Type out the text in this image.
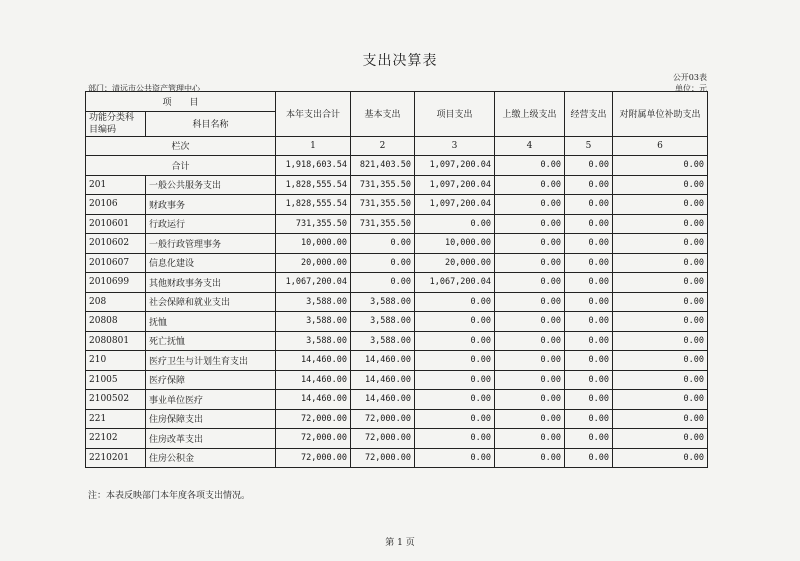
支出决算表
公开03表
部门：清远市公共资产管理中心	单位：元
项　　目		本年支出合计	基本支出	项目支出	上缴上级支出	经营支出	对附属单位补助支出
功能分类科目编码	科目名称						
栏次		1	2	3	4	5	6
合计		1,918,603.54	821,403.50	1,097,200.04	0.00	0.00	0.00
201	一般公共服务支出	1,828,555.54	731,355.50	1,097,200.04	0.00	0.00	0.00
20106	财政事务	1,828,555.54	731,355.50	1,097,200.04	0.00	0.00	0.00
2010601	行政运行	731,355.50	731,355.50	0.00	0.00	0.00	0.00
2010602	一般行政管理事务	10,000.00	0.00	10,000.00	0.00	0.00	0.00
2010607	信息化建设	20,000.00	0.00	20,000.00	0.00	0.00	0.00
2010699	其他财政事务支出	1,067,200.04	0.00	1,067,200.04	0.00	0.00	0.00
208	社会保障和就业支出	3,588.00	3,588.00	0.00	0.00	0.00	0.00
20808	抚恤	3,588.00	3,588.00	0.00	0.00	0.00	0.00
2080801	死亡抚恤	3,588.00	3,588.00	0.00	0.00	0.00	0.00
210	医疗卫生与计划生育支出	14,460.00	14,460.00	0.00	0.00	0.00	0.00
21005	医疗保障	14,460.00	14,460.00	0.00	0.00	0.00	0.00
2100502	事业单位医疗	14,460.00	14,460.00	0.00	0.00	0.00	0.00
221	住房保障支出	72,000.00	72,000.00	0.00	0.00	0.00	0.00
22102	住房改革支出	72,000.00	72,000.00	0.00	0.00	0.00	0.00
2210201	住房公积金	72,000.00	72,000.00	0.00	0.00	0.00	0.00
注：本表反映部门本年度各项支出情况。
第 1 页
